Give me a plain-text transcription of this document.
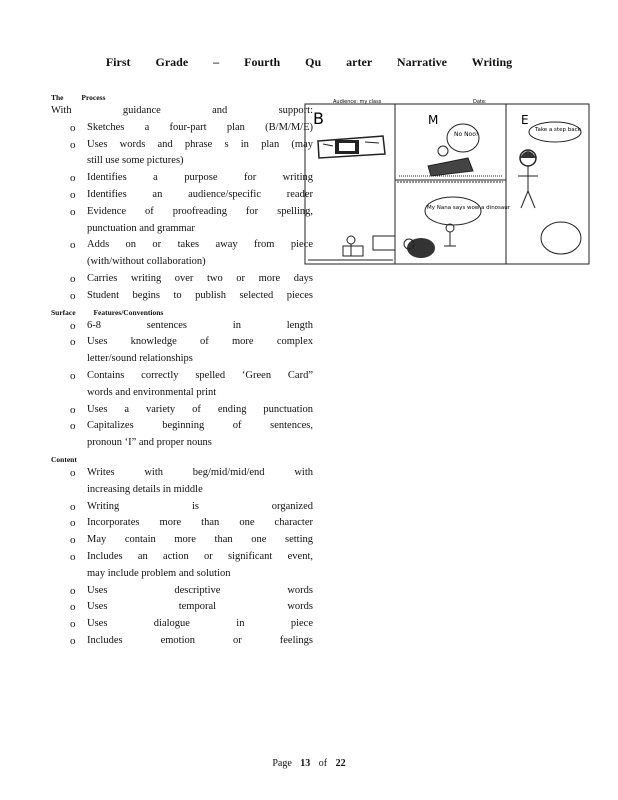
First Grade – Fourth Qu arter Narrative Writing
The Process
With guidance and support:
o Sketches a four-part plan (B/M/M/E)
o Uses words and phrase s in plan (may
still use some pictures)
o Identifies a purpose for writing
o Identifies an audience/specific reader
o Evidence of proofreading for spelling,
punctuation and grammar
o Adds on or takes away from piece
(with/without collaboration)
o Carries writing over two or more days
o Student begins to publish selected pieces
Surface Features/Conventions
o 6-8 sentences in length
o Uses knowledge of more complex
letter/sound relationships
o Contains correctly spelled ‘Green Card”
words and environmental print
o Uses a variety of ending punctuation
o Capitalizes beginning of sentences,
pronoun ‘I” and proper nouns
Content
o Writes with beg/mid/mid/end with
increasing details in middle
o Writing is organized
o Incorporates more than one character
o May contain more than one setting
o Includes an action or significant event,
may include problem and solution
o Uses descriptive words
o Uses temporal words
o Uses dialogue in piece
o Includes emotion or feelings
Audience: my class	Date:
B	M	E
No Noo!
My Nana says wow a dinosaur
Take a step back
Page 13 of 22
